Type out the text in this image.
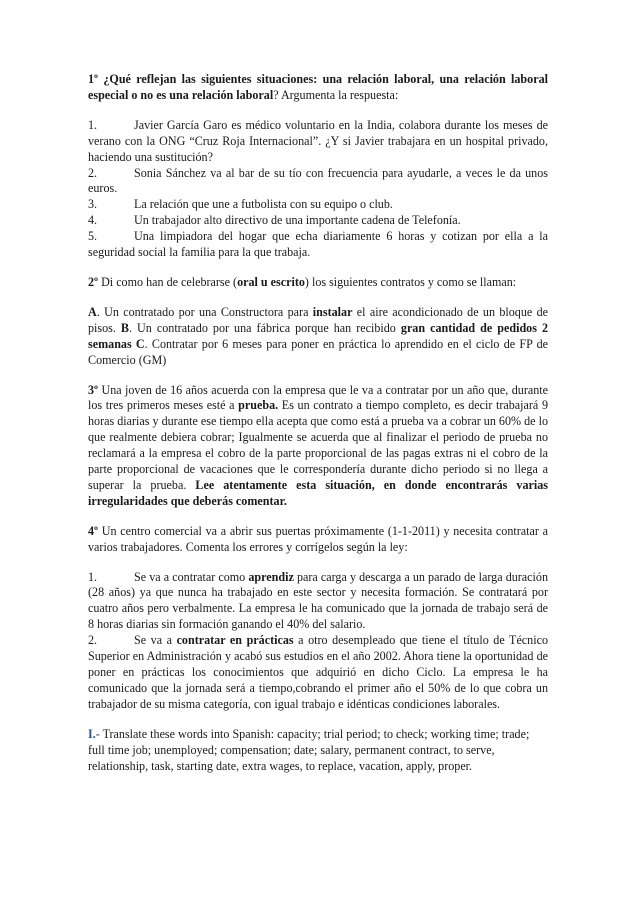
1º ¿Qué reflejan las siguientes situaciones: una relación laboral, una relación laboral especial o no es una relación laboral? Argumenta la respuesta:

1.	Javier García Garo es médico voluntario en la India, colabora durante los meses de verano con la ONG “Cruz Roja Internacional”. ¿Y si Javier trabajara en un hospital privado, haciendo una sustitución?
2.	Sonia Sánchez va al bar de su tío con frecuencia para ayudarle, a veces le da unos euros.
3.	La relación que une a futbolista con su equipo o club.
4.	Un trabajador alto directivo de una importante cadena de Telefonía.
5.	Una limpiadora del hogar que echa diariamente 6 horas y cotizan por ella a la seguridad social la familia para la que trabaja.

2º Di como han de celebrarse (oral u escrito) los siguientes contratos y como se llaman:

A. Un contratado por una Constructora para instalar el aire acondicionado de un bloque de pisos. B. Un contratado por una fábrica porque han recibido gran cantidad de pedidos 2 semanas C. Contratar por 6 meses para poner en práctica lo aprendido en el ciclo de FP de Comercio (GM)

3º Una joven de 16 años acuerda con la empresa que le va a contratar por un año que, durante los tres primeros meses esté a prueba. Es un contrato a tiempo completo, es decir trabajará 9 horas diarias y durante ese tiempo ella acepta que como está a prueba va a cobrar un 60% de lo que realmente debiera cobrar; Igualmente se acuerda que al finalizar el periodo de prueba no reclamará a la empresa el cobro de la parte proporcional de las pagas extras ni el cobro de la parte proporcional de vacaciones que le correspondería durante dicho periodo si no llega a superar la prueba. Lee atentamente esta situación, en donde encontrarás varias irregularidades que deberás comentar.

4º Un centro comercial va a abrir sus puertas próximamente (1-1-2011) y necesita contratar a varios trabajadores. Comenta los errores y corrígelos según la ley:

1.	Se va a contratar como aprendiz para carga y descarga a un parado de larga duración (28 años) ya que nunca ha trabajado en este sector y necesita formación. Se contratará por cuatro años pero verbalmente. La empresa le ha comunicado que la jornada de trabajo será de 8 horas diarias sin formación ganando el 40% del salario.

2.	Se va a contratar en prácticas a otro desempleado que tiene el título de Técnico Superior en Administración y acabó sus estudios en el año 2002. Ahora tiene la oportunidad de poner en prácticas los conocimientos que adquirió en dicho Ciclo. La empresa le ha comunicado que la jornada será a tiempo,cobrando el primer año el 50% de lo que cobra un trabajador de su misma categoría, con igual trabajo e idénticas condiciones laborales.

I.- Translate these words into Spanish: capacity; trial period; to check; working time; trade; full time job; unemployed; compensation; date; salary, permanent contract, to serve, relationship, task, starting date, extra wages, to replace, vacation, apply, proper.
